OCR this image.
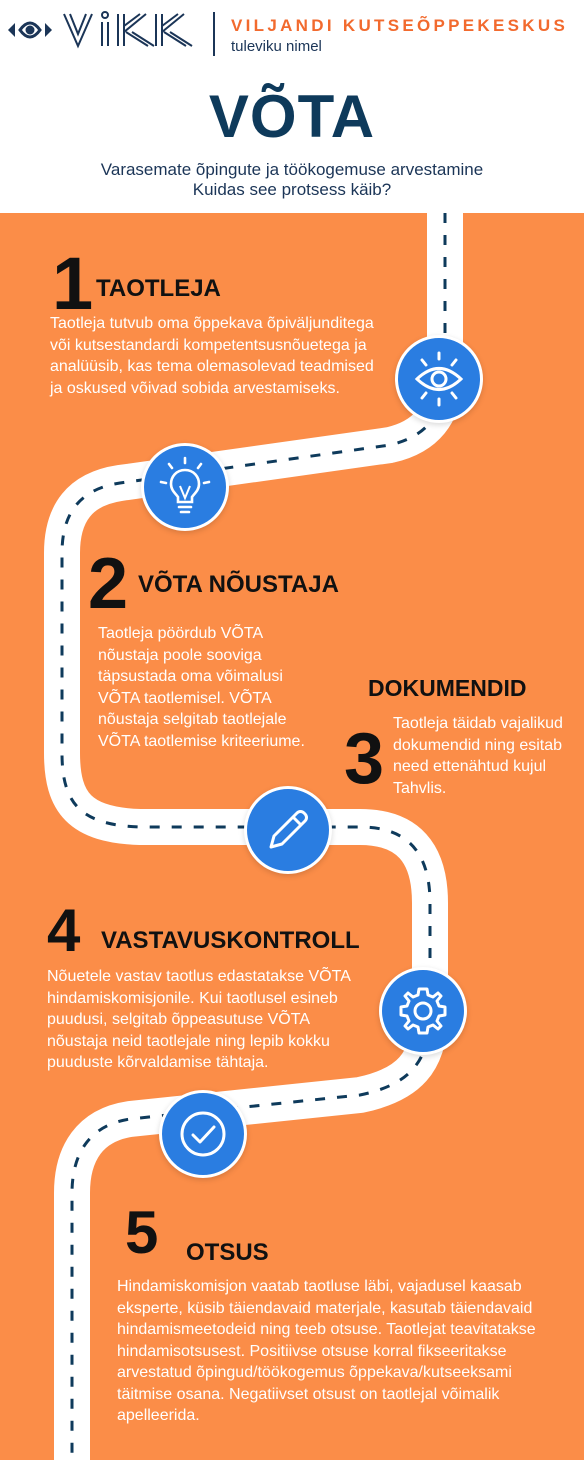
VILJANDI KUTSEÕPPEKESKUS
tuleviku nimel
VÕTA
Varasemate õpingute ja töökogemuse arvestamine
Kuidas see protsess käib?
1 TAOTLEJA
Taotleja tutvub oma õppekava õpiväljunditega või kutsestandardi kompetentsusnõuetega ja analüüsib, kas tema olemasolevad teadmised ja oskused võivad sobida arvestamiseks.
2 VÕTA NÕUSTAJA
Taotleja pöördub VÕTA nõustaja poole sooviga täpsustada oma võimalusi VÕTA taotlemisel. VÕTA nõustaja selgitab taotlejale VÕTA taotlemise kriteeriume.
DOKUMENDID
3 Taotleja täidab vajalikud dokumendid ning esitab need ettenähtud kujul Tahvlis.
4 VASTAVUSKONTROLL
Nõuetele vastav taotlus edastatakse VÕTA hindamiskomisjonile. Kui taotlusel esineb puudusi, selgitab õppeasutuse VÕTA nõustaja neid taotlejale ning lepib kokku puuduste kõrvaldamise tähtaja.
5 OTSUS
Hindamiskomisjon vaatab taotluse läbi, vajadusel kaasab eksperte, küsib täiendavaid materjale, kasutab täiendavaid hindamismeetodeid ning teeb otsuse. Taotlejat teavitatakse hindamisotsusest. Positiivse otsuse korral fikseeritakse arvestatud õpingud/töökogemus õppekava/kutseeksami täitmise osana. Negatiivset otsust on taotlejal võimalik apelleerida.
